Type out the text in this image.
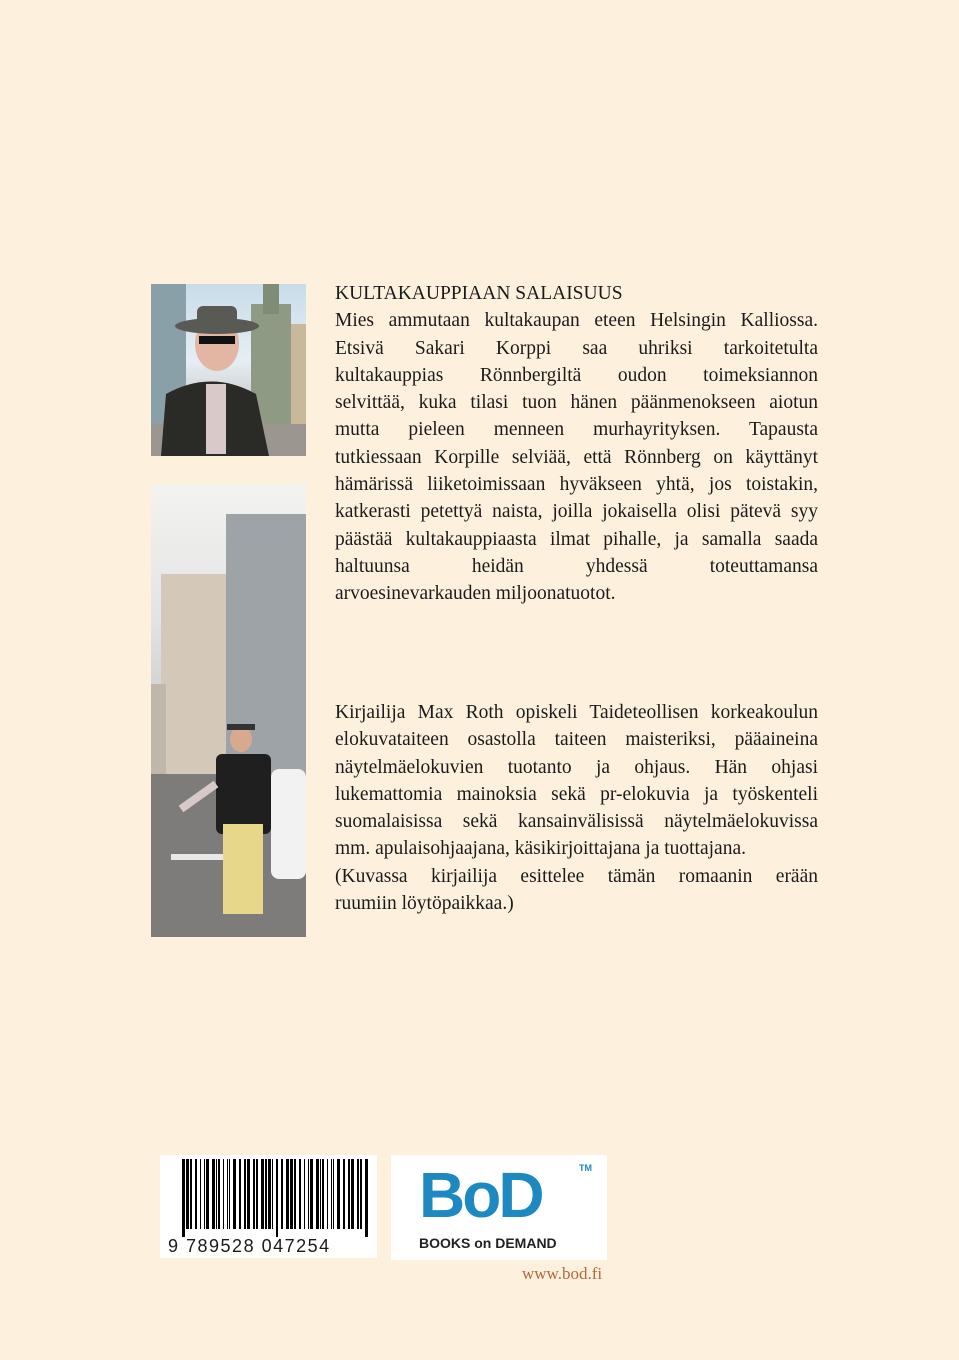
KULTAKAUPPIAAN SALAISUUS
Mies ammutaan kultakaupan eteen Helsingin Kalliossa.
Etsivä Sakari Korppi saa uhriksi tarkoitetulta
kultakauppias Rönnbergiltä oudon toimeksiannon
selvittää, kuka tilasi tuon hänen päänmenokseen aiotun
mutta pieleen menneen murhayrityksen. Tapausta
tutkiessaan Korpille selviää, että Rönnberg on käyttänyt
hämärissä liiketoimissaan hyväkseen yhtä, jos toistakin,
katkerasti petettyä naista, joilla jokaisella olisi pätevä syy
päästää kultakauppiaasta ilmat pihalle, ja samalla saada
haltuunsa heidän yhdessä toteuttamansa
arvoesinevarkauden miljoonatuotot.
Kirjailija Max Roth opiskeli Taideteollisen korkeakoulun
elokuvataiteen osastolla taiteen maisteriksi, pääaineina
näytelmäelokuvien tuotanto ja ohjaus. Hän ohjasi
lukemattomia mainoksia sekä pr-elokuvia ja työskenteli
suomalaisissa sekä kansainvälisissä näytelmäelokuvissa
mm. apulaisohjaajana, käsikirjoittajana ja tuottajana.
(Kuvassa kirjailija esittelee tämän romaanin erään
ruumiin löytöpaikkaa.)
9 789528 047254
BoD	TM
BOOKS on DEMAND
www.bod.fi
